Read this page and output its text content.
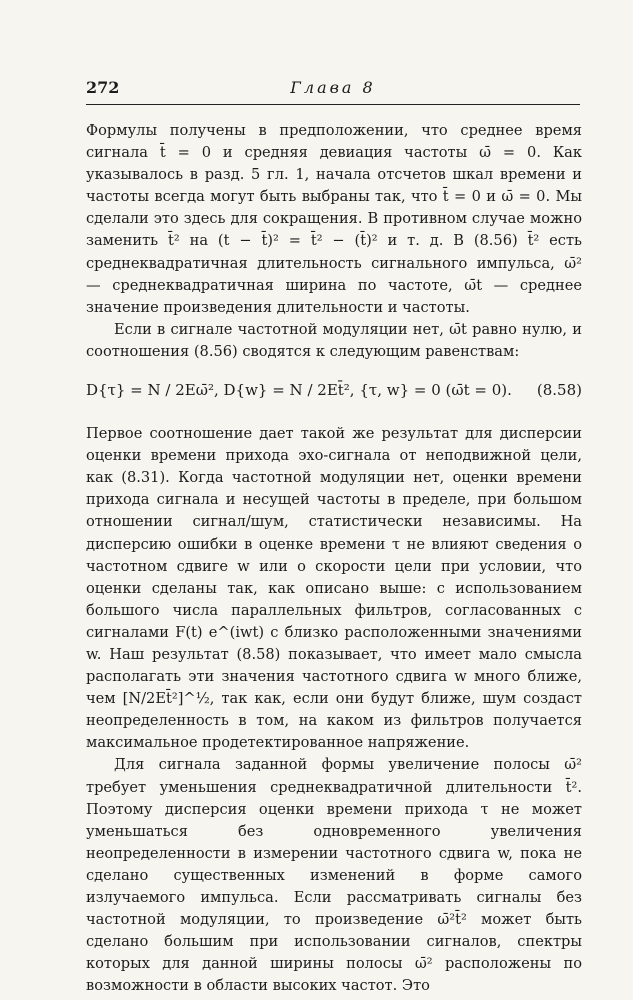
272	Глава 8

Формулы получены в предположении, что среднее время сигнала t̄ = 0 и средняя девиация частоты ω̄ = 0. Как указывалось в разд. 5 гл. 1, начала отсчетов шкал времени и частоты всегда могут быть выбраны так, что t̄ = 0 и ω̄ = 0. Мы сделали это здесь для сокращения. В противном случае можно заменить t̄² на (t − t̄)² = t̄² − (t̄)² и т. д. В (8.56) t̄² есть среднеквадратичная длительность сигнального импульса, ω̄² — среднеквадратичная ширина по частоте, ω̄t — среднее значение произведения длительности и частоты.

Если в сигнале частотной модуляции нет, ω̄t равно нулю, и соотношения (8.56) сводятся к следующим равенствам:

D{τ} = N / 2Eω̄², D{w} = N / 2Et̄², {τ, w} = 0 (ω̄t = 0). (8.58)

Первое соотношение дает такой же результат для дисперсии оценки времени прихода эхо-сигнала от неподвижной цели, как (8.31). Когда частотной модуляции нет, оценки времени прихода сигнала и несущей частоты в пределе, при большом отношении сигнал/шум, статистически независимы. На дисперсию ошибки в оценке времени τ не влияют сведения о частотном сдвиге w или о скорости цели при условии, что оценки сделаны так, как описано выше: с использованием большого числа параллельных фильтров, согласованных с сигналами F(t) e^(iwt) с близко расположенными значениями w. Наш результат (8.58) показывает, что имеет мало смысла располагать эти значения частотного сдвига w много ближе, чем [N/2Et̄²]^½, так как, если они будут ближе, шум создаст неопределенность в том, на каком из фильтров получается максимальное продетектированное напряжение.

Для сигнала заданной формы увеличение полосы ω̄² требует уменьшения среднеквадратичной длительности t̄². Поэтому дисперсия оценки времени прихода τ не может уменьшаться без одновременного увеличения неопределенности в измерении частотного сдвига w, пока не сделано существенных изменений в форме самого излучаемого импульса. Если рассматривать сигналы без частотной модуляции, то произведение ω̄²t̄² может быть сделано большим при использовании сигналов, спектры которых для данной ширины полосы ω̄² расположены по возможности в области высоких частот. Это
